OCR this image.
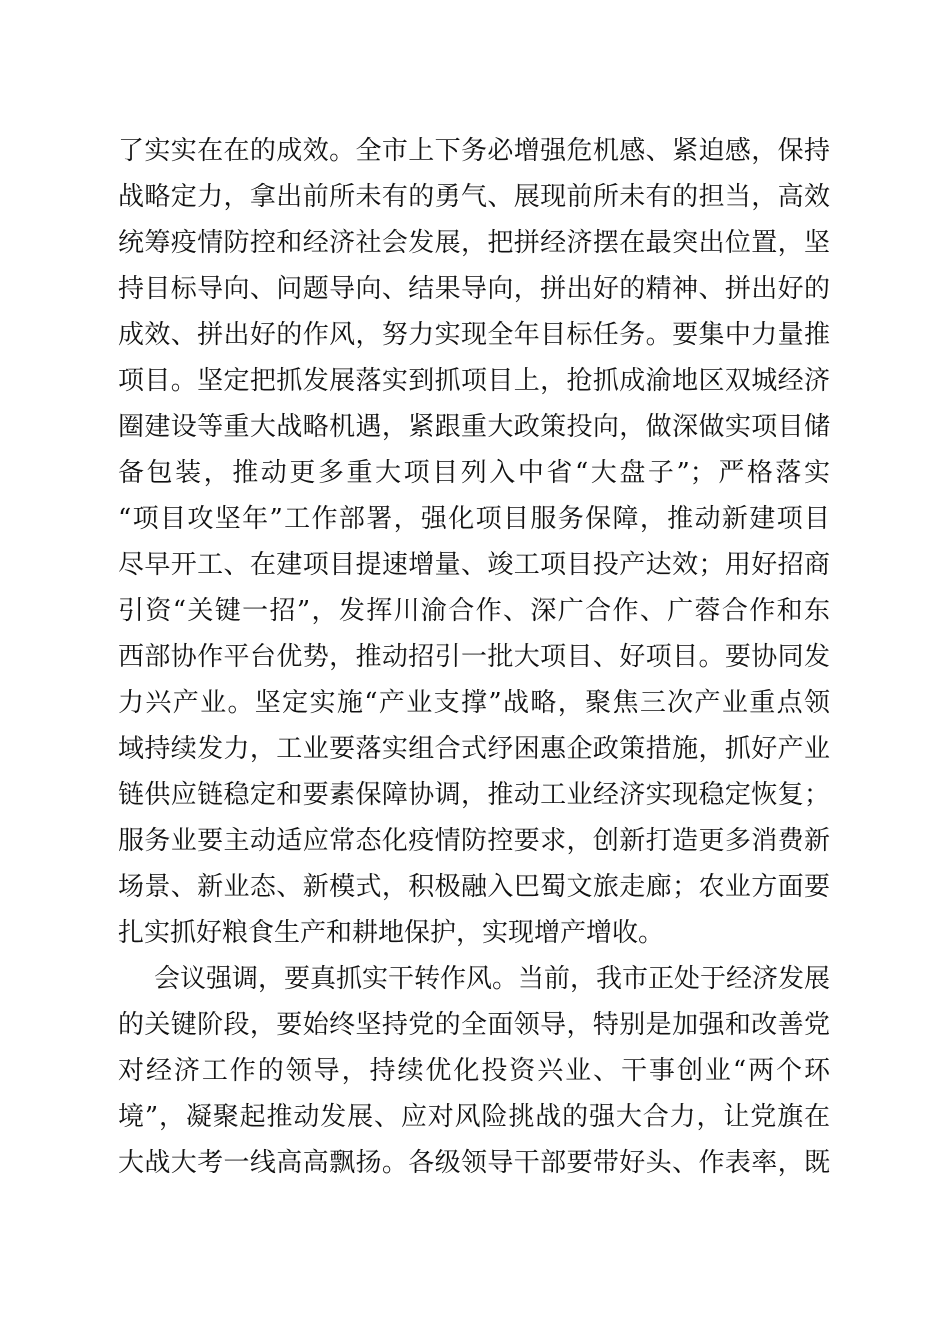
了实实在在的成效。全市上下务必增强危机感、紧迫感，保持
战略定力，拿出前所未有的勇气、展现前所未有的担当，高效
统筹疫情防控和经济社会发展，把拼经济摆在最突出位置，坚
持目标导向、问题导向、结果导向，拼出好的精神、拼出好的
成效、拼出好的作风，努力实现全年目标任务。要集中力量推
项目。坚定把抓发展落实到抓项目上，抢抓成渝地区双城经济
圈建设等重大战略机遇，紧跟重大政策投向，做深做实项目储
备包装，推动更多重大项目列入中省“大盘子”；严格落实
“项目攻坚年”工作部署，强化项目服务保障，推动新建项目
尽早开工、在建项目提速增量、竣工项目投产达效；用好招商
引资“关键一招”，发挥川渝合作、深广合作、广蓉合作和东
西部协作平台优势，推动招引一批大项目、好项目。要协同发
力兴产业。坚定实施“产业支撑”战略，聚焦三次产业重点领
域持续发力，工业要落实组合式纾困惠企政策措施，抓好产业
链供应链稳定和要素保障协调，推动工业经济实现稳定恢复；
服务业要主动适应常态化疫情防控要求，创新打造更多消费新
场景、新业态、新模式，积极融入巴蜀文旅走廊；农业方面要
扎实抓好粮食生产和耕地保护，实现增产增收。
会议强调，要真抓实干转作风。当前，我市正处于经济发展
的关键阶段，要始终坚持党的全面领导，特别是加强和改善党
对经济工作的领导，持续优化投资兴业、干事创业“两个环
境”，凝聚起推动发展、应对风险挑战的强大合力，让党旗在
大战大考一线高高飘扬。各级领导干部要带好头、作表率，既
